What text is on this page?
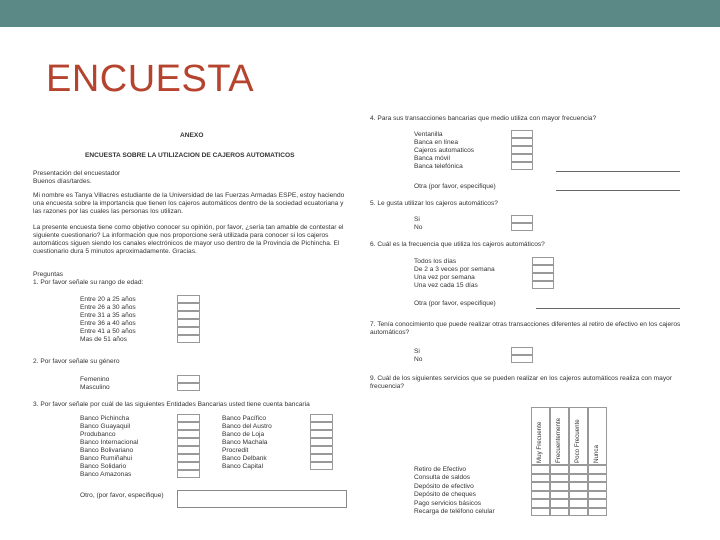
ENCUESTA
ANEXO
ENCUESTA SOBRE LA UTILIZACION DE CAJEROS AUTOMATICOS
Presentación del encuestador
Buenos días/tardes.
Mi nombre es Tanya Villacres estudiante de la Universidad de las Fuerzas Armadas ESPE, estoy haciendo una encuesta sobre la importancia que tienen los cajeros automáticos dentro de la sociedad ecuatoriana y las razones por las cuales las personas los utilizan.
La presente encuesta tiene como objetivo conocer su opinión, por favor, ¿sería tan amable de contestar el siguiente cuestionario? La información que nos proporcione será utilizada para conocer si los cajeros automáticos siguen siendo los canales electrónicos de mayor uso dentro de la Provincia de Pichincha. El cuestionario dura 5 minutos aproximadamente. Gracias.
Preguntas
1. Por favor señale su rango de edad:
Entre 20 a 25 años
Entre 26 a 30 años
Entre 31 a 35 años
Entre 36 a 40 años
Entre 41 a 50 años
Mas de 51 años
2. Por favor señale su género
Femenino
Masculino
3. Por favor señale por cuál de las siguientes Entidades Bancarias usted tiene cuenta bancaria
Banco Pichincha
Banco Guayaquil
Produbanco
Banco Internacional
Banco Bolivariano
Banco Rumiñahui
Banco Solidario
Banco Amazonas
Banco Pacífico
Banco del Austro
Banco de Loja
Banco Machala
Procredit
Banco Delbank
Banco Capital
Otro, (por favor, especifique)
4. Para sus transacciones bancarias que medio utiliza con mayor frecuencia?
Ventanilla
Banca en línea
Cajeros automaticos
Banca móvil
Banca telefónica
Otra (por favor, especifique)
5. Le gusta utilizar los cajeros automáticos?
Si
No
6. Cuál es la frecuencia que utiliza los cajeros automáticos?
Todos los días
De 2 a 3 veces por semana
Una vez por semana
Una vez cada 15 días
Otra (por favor, especifique)
7. Tenía conocimiento que puede realizar otras transacciones diferentes al retiro de efectivo en los cajeros automáticos?
Si
No
9. Cuál de los siguientes servicios que se pueden realizar en los cajeros automáticos realiza con mayor frecuencia?
Muy Frecuente Frecuentemente Poco Frecuente Nunca
Retiro de Efectivo
Consulta de saldos
Depósito de efectivo
Depósito de cheques
Pago servicios básicos
Recarga de teléfono celular
